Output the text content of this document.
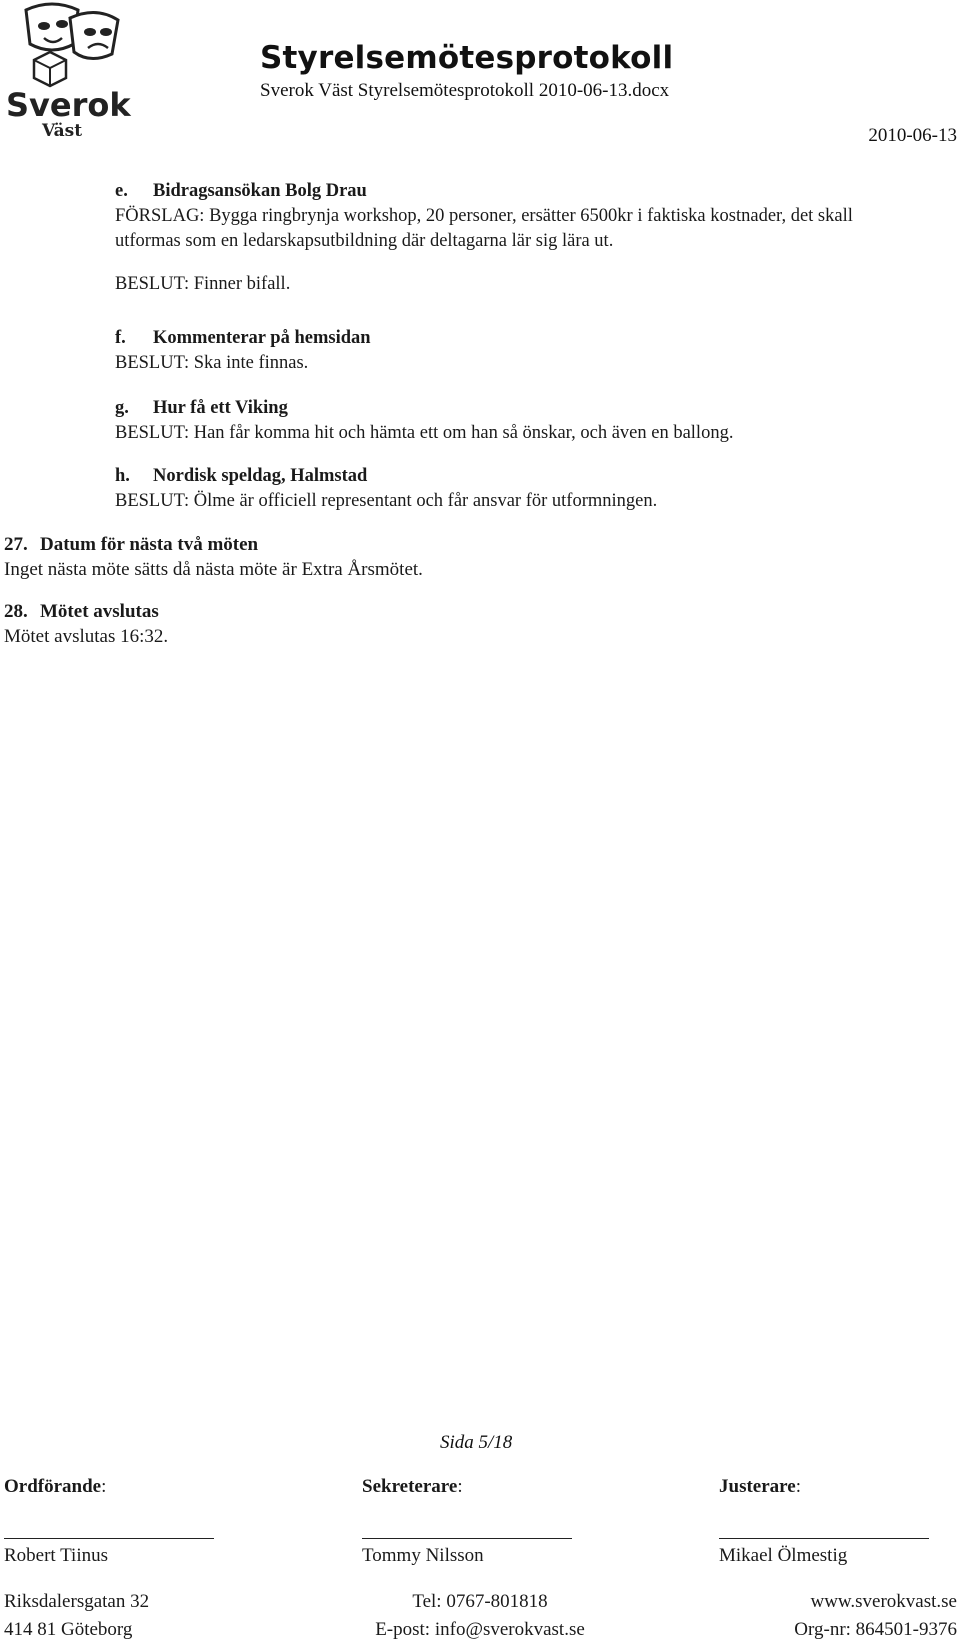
Sverok
Väst
Styrelsemötesprotokoll
Sverok Väst Styrelsemötesprotokoll 2010-06-13.docx
2010-06-13
e. Bidragsansökan Bolg Drau
FÖRSLAG: Bygga ringbrynja workshop, 20 personer, ersätter 6500kr i faktiska kostnader, det skall
utformas som en ledarskapsutbildning där deltagarna lär sig lära ut.
BESLUT: Finner bifall.
f. Kommenterar på hemsidan
BESLUT: Ska inte finnas.
g. Hur få ett Viking
BESLUT: Han får komma hit och hämta ett om han så önskar, och även en ballong.
h. Nordisk speldag, Halmstad
BESLUT: Ölme är officiell representant och får ansvar för utformningen.
27. Datum för nästa två möten
Inget nästa möte sätts då nästa möte är Extra Årsmötet.
28. Mötet avslutas
Mötet avslutas 16:32.
Sida 5/18
Ordförande:
Robert Tiinus
Sekreterare:
Tommy Nilsson
Justerare:
Mikael Ölmestig
Riksdalersgatan 32
414 81 Göteborg
Tel: 0767-801818
E-post: info@sverokvast.se
www.sverokvast.se
Org-nr: 864501-9376
